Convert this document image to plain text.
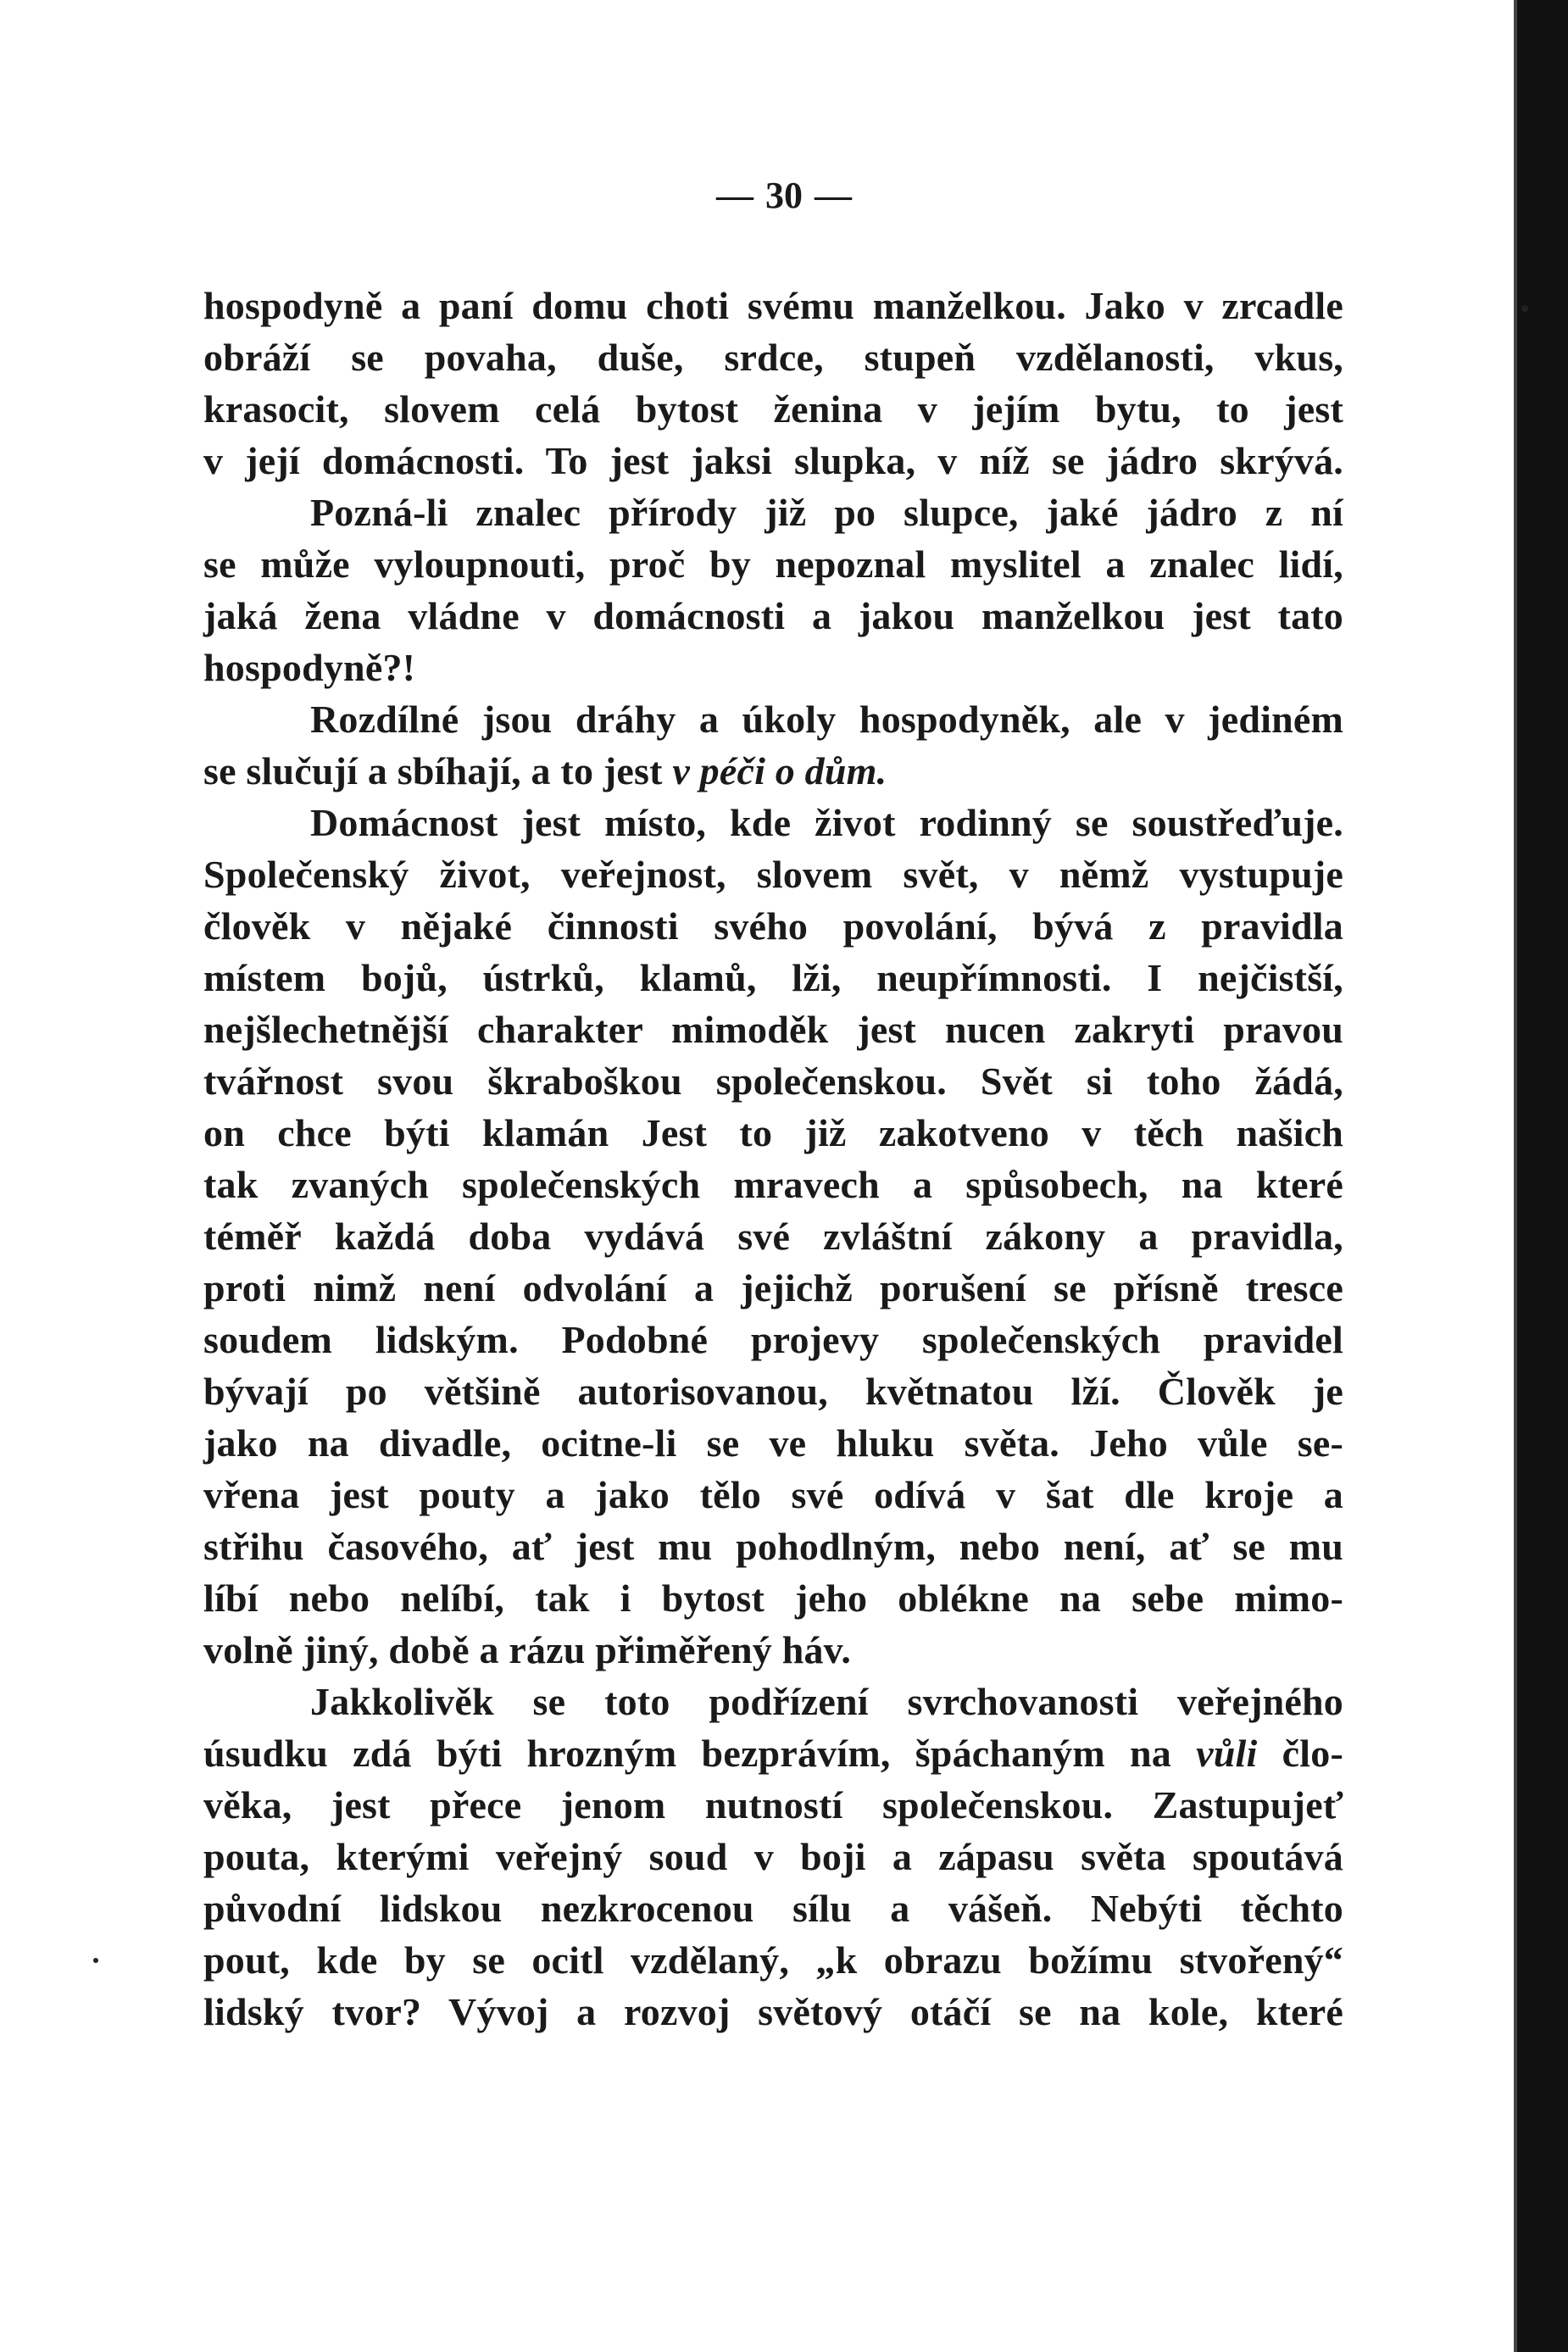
— 30 —
hospodyně a paní domu choti svému manželkou. Jako v zrcadle
obráží se povaha, duše, srdce, stupeň vzdělanosti, vkus,
krasocit, slovem celá bytost ženina v jejím bytu, to jest
v její domácnosti. To jest jaksi slupka, v níž se jádro skrývá.
Pozná-li znalec přírody již po slupce, jaké jádro z ní
se může vyloupnouti, proč by nepoznal myslitel a znalec lidí,
jaká žena vládne v domácnosti a jakou manželkou jest tato
hospodyně?!
Rozdílné jsou dráhy a úkoly hospodyněk, ale v jediném
se slučují a sbíhají, a to jest v péči o dům.
Domácnost jest místo, kde život rodinný se soustřeďuje.
Společenský život, veřejnost, slovem svět, v němž vystupuje
člověk v nějaké činnosti svého povolání, bývá z pravidla
místem bojů, ústrků, klamů, lži, neupřímnosti. I nejčistší,
nejšlechetnější charakter mimoděk jest nucen zakryti pravou
tvářnost svou škraboškou společenskou. Svět si toho žádá,
on chce býti klamán Jest to již zakotveno v těch našich
tak zvaných společenských mravech a spůsobech, na které
téměř každá doba vydává své zvláštní zákony a pravidla,
proti nimž není odvolání a jejichž porušení se přísně tresce
soudem lidským. Podobné projevy společenských pravidel
bývají po většině autorisovanou, květnatou lží. Člověk je
jako na divadle, ocitne-li se ve hluku světa. Jeho vůle se-
vřena jest pouty a jako tělo své odívá v šat dle kroje a
střihu časového, ať jest mu pohodlným, nebo není, ať se mu
líbí nebo nelíbí, tak i bytost jeho oblékne na sebe mimo-
volně jiný, době a rázu přiměřený háv.
Jakkolivěk se toto podřízení svrchovanosti veřejného
úsudku zdá býti hrozným bezprávím, špáchaným na vůli člo-
věka, jest přece jenom nutností společenskou. Zastupujeť
pouta, kterými veřejný soud v boji a zápasu světa spoutává
původní lidskou nezkrocenou sílu a vášeň. Nebýti těchto
pout, kde by se ocitl vzdělaný, „k obrazu božímu stvořený“
lidský tvor? Vývoj a rozvoj světový otáčí se na kole, které
